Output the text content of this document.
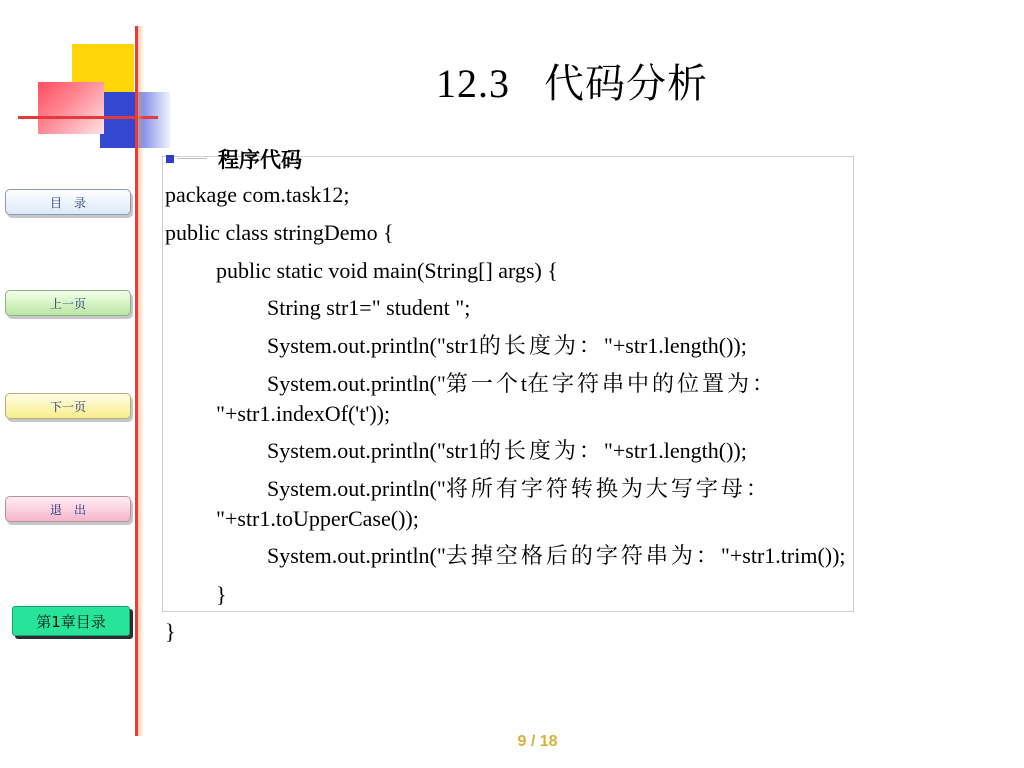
12.3 代码分析
目　录
上一页
下一页
退　出
第1章目录
程序代码
package com.task12;
public class stringDemo {
public static void main(String[] args) {
String str1=" student ";
System.out.println("str1的长度为："+str1.length());
System.out.println("第一个t在字符串中的位置为：
"+str1.indexOf('t'));
System.out.println("str1的长度为："+str1.length());
System.out.println("将所有字符转换为大写字母：
"+str1.toUpperCase());
System.out.println("去掉空格后的字符串为："+str1.trim());
}
}
9 / 18
